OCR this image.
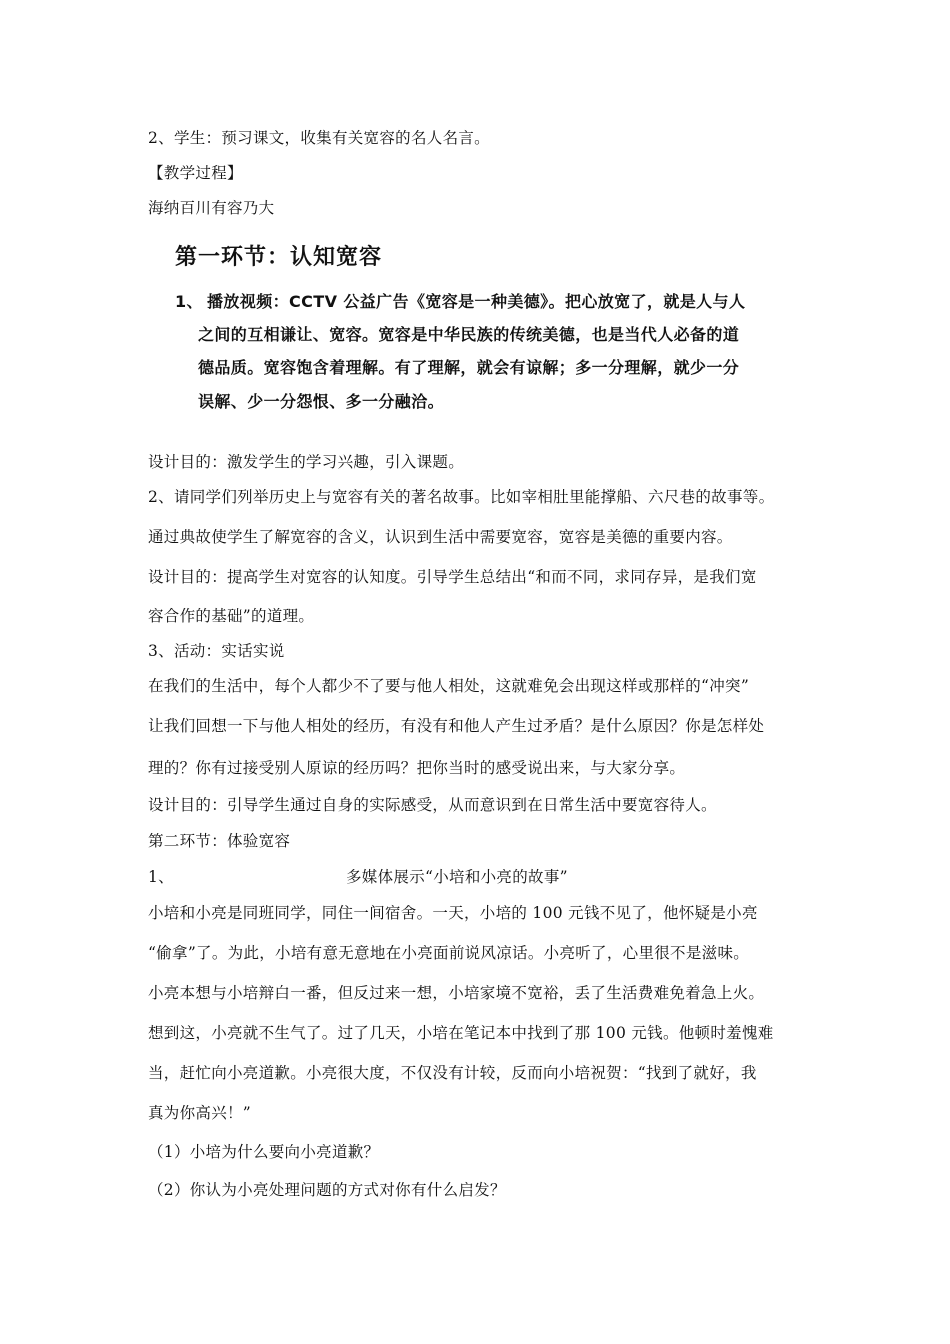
2、学生：预习课文，收集有关宽容的名人名言。
【教学过程】
海纳百川有容乃大
第一环节：认知宽容
1、 播放视频：CCTV 公益广告《宽容是一种美德》。把心放宽了，就是人与人
之间的互相谦让、宽容。宽容是中华民族的传统美德，也是当代人必备的道
德品质。宽容饱含着理解。有了理解，就会有谅解；多一分理解，就少一分
误解、少一分怨恨、多一分融洽。
设计目的：激发学生的学习兴趣，引入课题。
2、请同学们列举历史上与宽容有关的著名故事。比如宰相肚里能撑船、六尺巷的故事等。
通过典故使学生了解宽容的含义，认识到生活中需要宽容，宽容是美德的重要内容。
设计目的：提高学生对宽容的认知度。引导学生总结出“和而不同，求同存异，是我们宽
容合作的基础”的道理。
3、活动：实话实说
在我们的生活中，每个人都少不了要与他人相处，这就难免会出现这样或那样的“冲突”
让我们回想一下与他人相处的经历，有没有和他人产生过矛盾？是什么原因？你是怎样处
理的？你有过接受别人原谅的经历吗？把你当时的感受说出来，与大家分享。
设计目的：引导学生通过自身的实际感受，从而意识到在日常生活中要宽容待人。
第二环节：体验宽容
1、	多媒体展示“小培和小亮的故事”
小培和小亮是同班同学，同住一间宿舍。一天，小培的 100 元钱不见了，他怀疑是小亮
“偷拿”了。为此，小培有意无意地在小亮面前说风凉话。小亮听了，心里很不是滋味。
小亮本想与小培辩白一番，但反过来一想，小培家境不宽裕，丢了生活费难免着急上火。
想到这，小亮就不生气了。过了几天，小培在笔记本中找到了那 100 元钱。他顿时羞愧难
当，赶忙向小亮道歉。小亮很大度，不仅没有计较，反而向小培祝贺：“找到了就好，我
真为你高兴！”
（1）小培为什么要向小亮道歉？
（2）你认为小亮处理问题的方式对你有什么启发？
